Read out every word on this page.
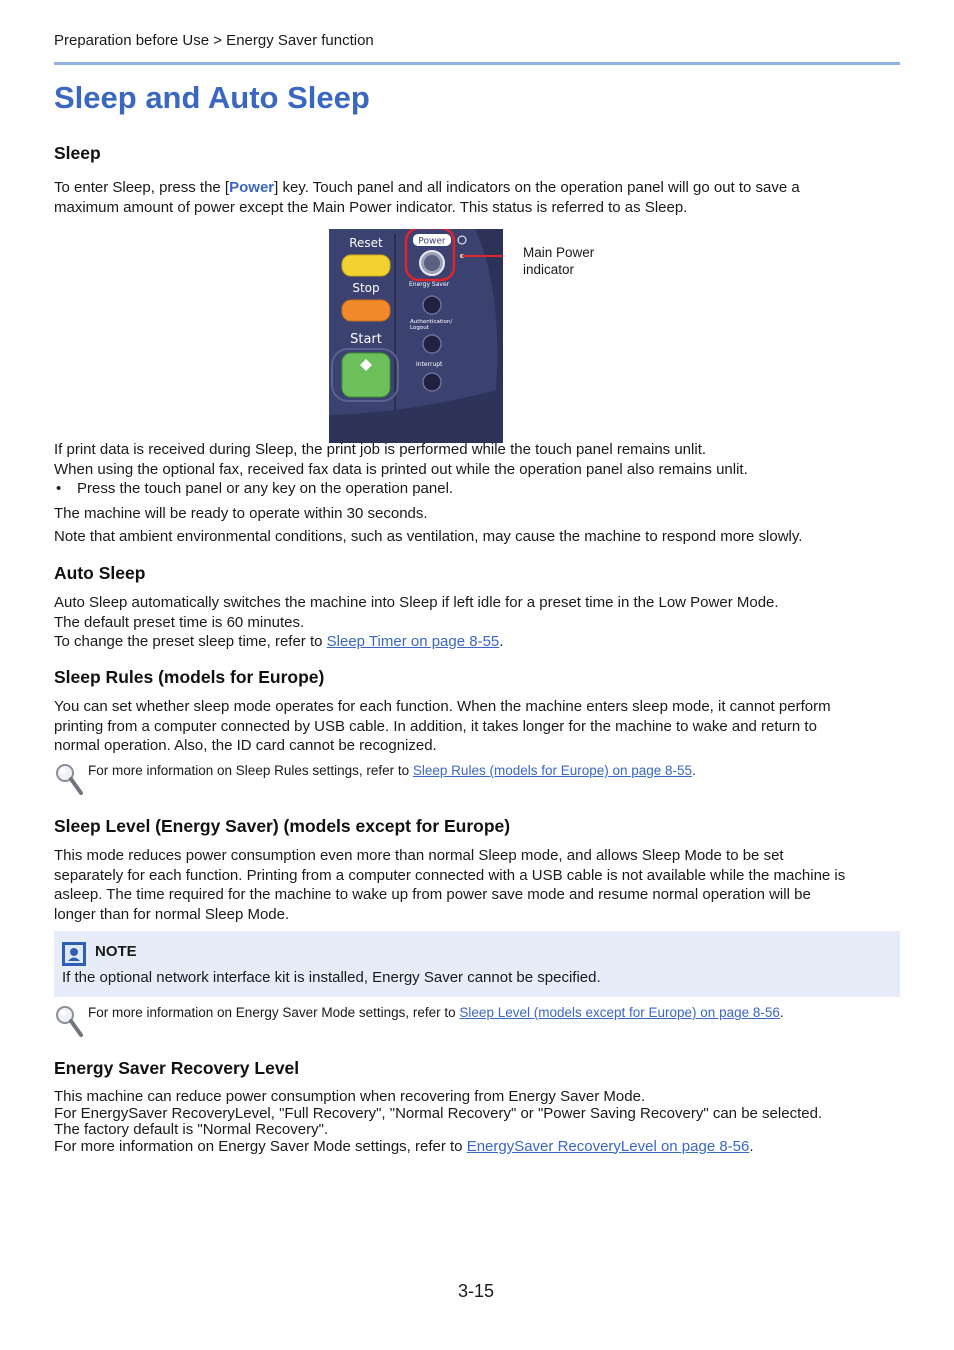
Preparation before Use > Energy Saver function
Sleep and Auto Sleep
Sleep

To enter Sleep, press the [Power] key. Touch panel and all indicators on the operation panel will go out to save a
maximum amount of power except the Main Power indicator. This status is referred to as Sleep.

Reset
Stop
Start
Power
Energy Saver
Authentication/
Logout
Interrupt
Main Power
indicator

If print data is received during Sleep, the print job is performed while the touch panel remains unlit.
When using the optional fax, received fax data is printed out while the operation panel also remains unlit.

• Press the touch panel or any key on the operation panel.

The machine will be ready to operate within 30 seconds.

Note that ambient environmental conditions, such as ventilation, may cause the machine to respond more slowly.

Auto Sleep

Auto Sleep automatically switches the machine into Sleep if left idle for a preset time in the Low Power Mode.
The default preset time is 60 minutes.
To change the preset sleep time, refer to Sleep Timer on page 8-55.

Sleep Rules (models for Europe)

You can set whether sleep mode operates for each function. When the machine enters sleep mode, it cannot perform
printing from a computer connected by USB cable. In addition, it takes longer for the machine to wake and return to
normal operation. Also, the ID card cannot be recognized.

For more information on Sleep Rules settings, refer to Sleep Rules (models for Europe) on page 8-55.
Sleep Level (Energy Saver) (models except for Europe)

This mode reduces power consumption even more than normal Sleep mode, and allows Sleep Mode to be set
separately for each function. Printing from a computer connected with a USB cable is not available while the machine is
asleep. The time required for the machine to wake up from power save mode and resume normal operation will be
longer than for normal Sleep Mode.

NOTE
If the optional network interface kit is installed, Energy Saver cannot be specified.
For more information on Energy Saver Mode settings, refer to Sleep Level (models except for Europe) on page 8-56.
Energy Saver Recovery Level

This machine can reduce power consumption when recovering from Energy Saver Mode.
For EnergySaver RecoveryLevel, "Full Recovery", "Normal Recovery" or "Power Saving Recovery" can be selected.
The factory default is "Normal Recovery".
For more information on Energy Saver Mode settings, refer to EnergySaver RecoveryLevel on page 8-56.

3-15
